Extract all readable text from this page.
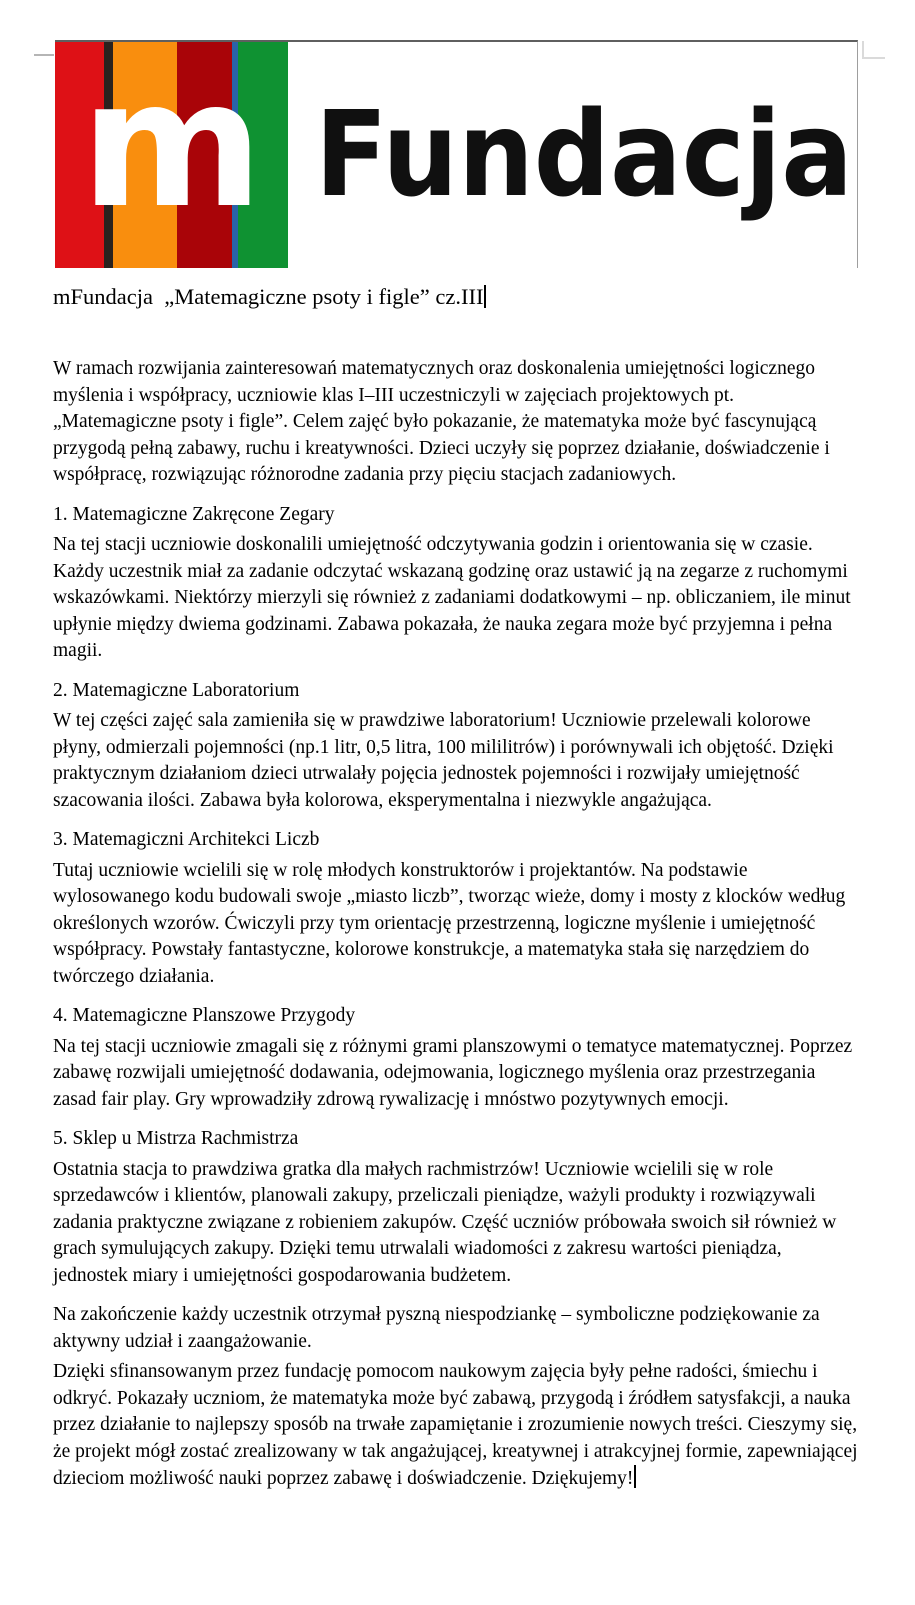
m Fundacja
mFundacja  „Matemagiczne psoty i figle” cz.III

W ramach rozwijania zainteresowań matematycznych oraz doskonalenia umiejętności logicznego myślenia i współpracy, uczniowie klas I–III uczestniczyli w zajęciach projektowych pt. „Matemagiczne psoty i figle”. Celem zajęć było pokazanie, że matematyka może być fascynującą przygodą pełną zabawy, ruchu i kreatywności. Dzieci uczyły się poprzez działanie, doświadczenie i współpracę, rozwiązując różnorodne zadania przy pięciu stacjach zadaniowych.

1. Matemagiczne Zakręcone Zegary

Na tej stacji uczniowie doskonalili umiejętność odczytywania godzin i orientowania się w czasie. Każdy uczestnik miał za zadanie odczytać wskazaną godzinę oraz ustawić ją na zegarze z ruchomymi wskazówkami. Niektórzy mierzyli się również z zadaniami dodatkowymi – np. obliczaniem, ile minut upłynie między dwiema godzinami. Zabawa pokazała, że nauka zegara może być przyjemna i pełna magii.

2. Matemagiczne Laboratorium

W tej części zajęć sala zamieniła się w prawdziwe laboratorium! Uczniowie przelewali kolorowe płyny, odmierzali pojemności (np.1 litr, 0,5 litra, 100 mililitrów) i porównywali ich objętość. Dzięki praktycznym działaniom dzieci utrwalały pojęcia jednostek pojemności i rozwijały umiejętność szacowania ilości. Zabawa była kolorowa, eksperymentalna i niezwykle angażująca.

3. Matemagiczni Architekci Liczb

Tutaj uczniowie wcielili się w rolę młodych konstruktorów i projektantów. Na podstawie wylosowanego kodu budowali swoje „miasto liczb”, tworząc wieże, domy i mosty z klocków według określonych wzorów. Ćwiczyli przy tym orientację przestrzenną, logiczne myślenie i umiejętność współpracy. Powstały fantastyczne, kolorowe konstrukcje, a matematyka stała się narzędziem do twórczego działania.

4. Matemagiczne Planszowe Przygody

Na tej stacji uczniowie zmagali się z różnymi grami planszowymi o tematyce matematycznej. Poprzez zabawę rozwijali umiejętność dodawania, odejmowania, logicznego myślenia oraz przestrzegania zasad fair play. Gry wprowadziły zdrową rywalizację i mnóstwo pozytywnych emocji.

5. Sklep u Mistrza Rachmistrza

Ostatnia stacja to prawdziwa gratka dla małych rachmistrzów! Uczniowie wcielili się w role sprzedawców i klientów, planowali zakupy, przeliczali pieniądze, ważyli produkty i rozwiązywali zadania praktyczne związane z robieniem zakupów. Część uczniów próbowała swoich sił również w grach symulujących zakupy. Dzięki temu utrwalali wiadomości z zakresu wartości pieniądza, jednostek miary i umiejętności gospodarowania budżetem.

Na zakończenie każdy uczestnik otrzymał pyszną niespodziankę – symboliczne podziękowanie za aktywny udział i zaangażowanie.

Dzięki sfinansowanym przez fundację pomocom naukowym zajęcia były pełne radości, śmiechu i odkryć. Pokazały uczniom, że matematyka może być zabawą, przygodą i źródłem satysfakcji, a nauka przez działanie to najlepszy sposób na trwałe zapamiętanie i zrozumienie nowych treści. Cieszymy się, że projekt mógł zostać zrealizowany w tak angażującej, kreatywnej i atrakcyjnej formie, zapewniającej dzieciom możliwość nauki poprzez zabawę i doświadczenie. Dziękujemy!
